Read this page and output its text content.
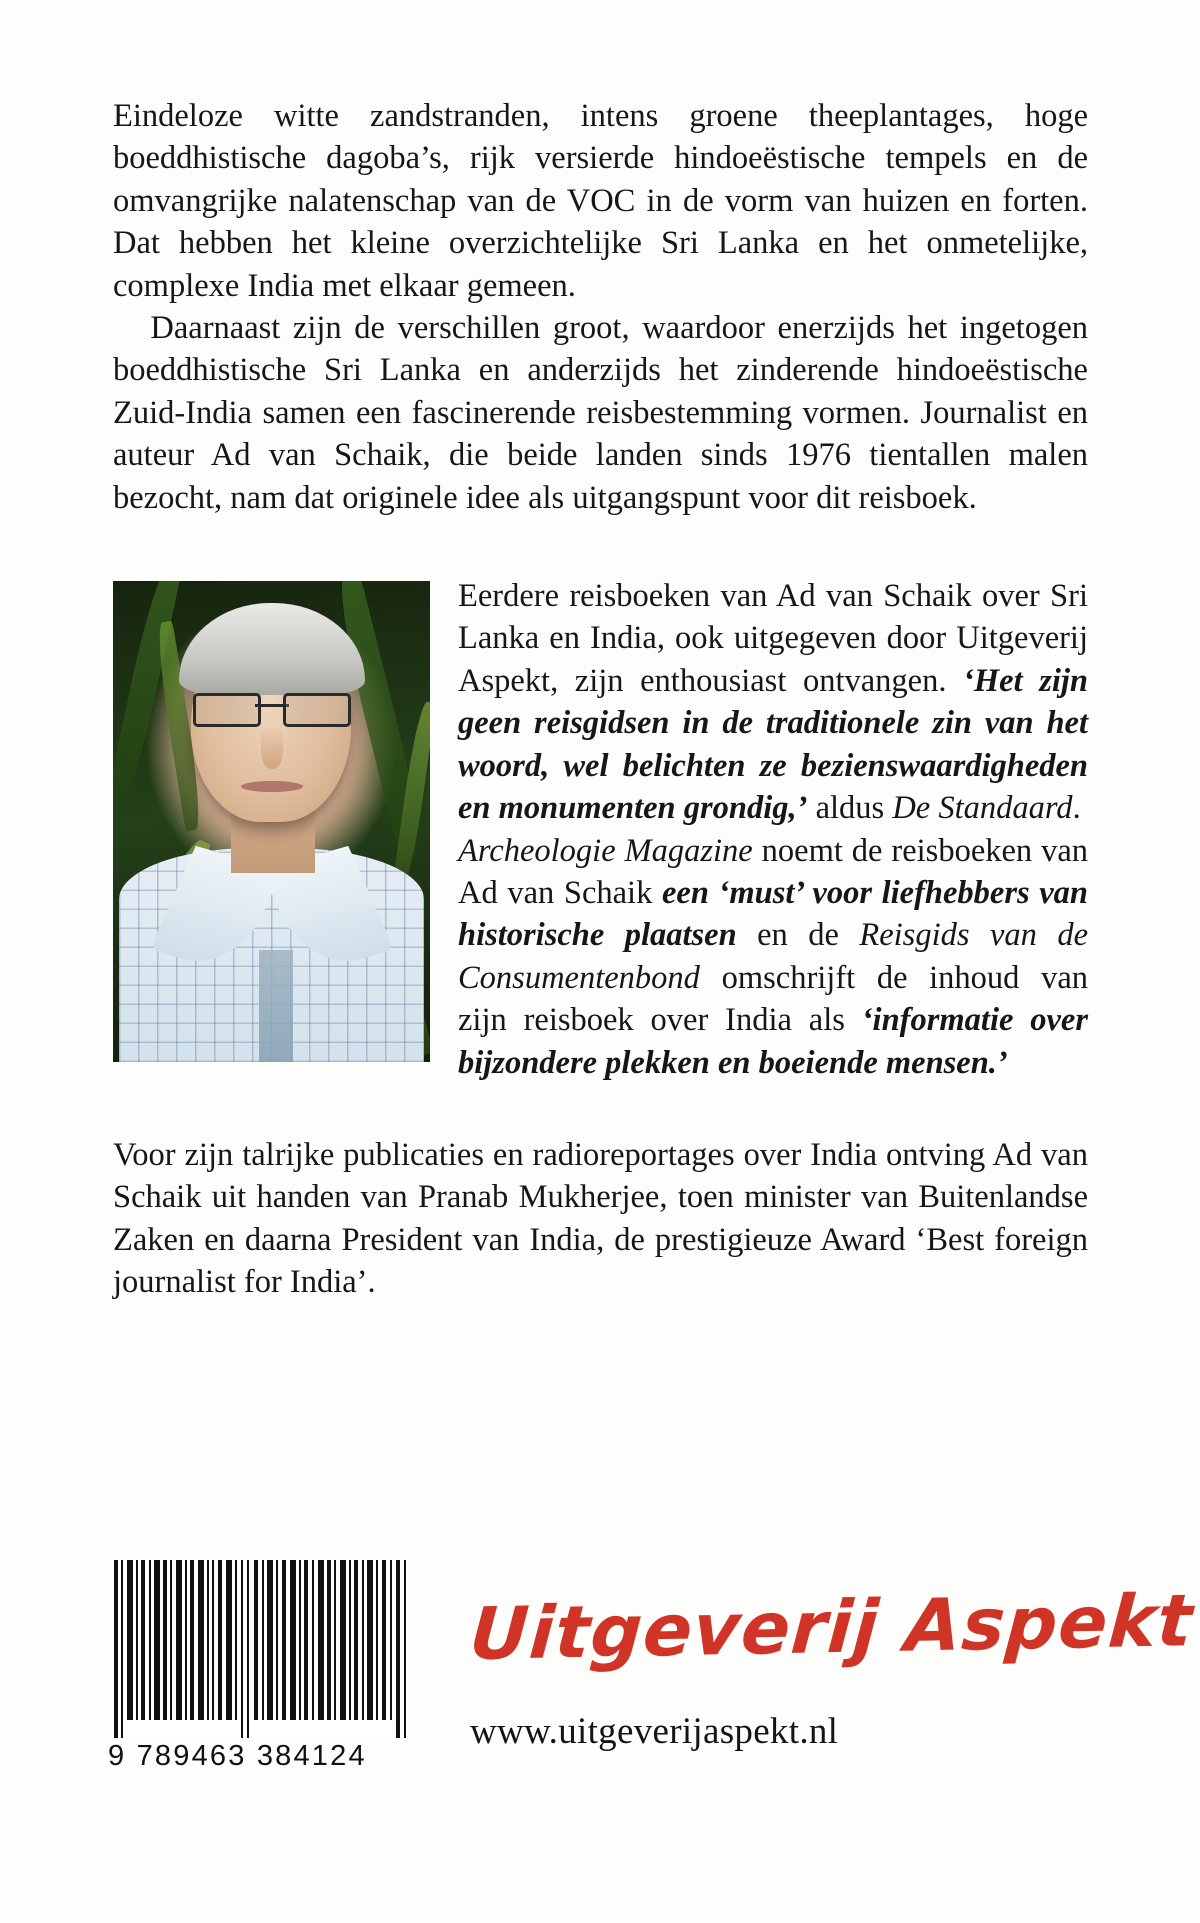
Eindeloze witte zandstranden, intens groene theeplantages, hoge boeddhistische dagoba’s, rijk versierde hindoeëstische tempels en de omvangrijke nalatenschap van de VOC in de vorm van huizen en forten. Dat hebben het kleine overzichtelijke Sri Lanka en het onmetelijke, complexe India met elkaar gemeen.

Daarnaast zijn de verschillen groot, waardoor enerzijds het ingetogen boeddhistische Sri Lanka en anderzijds het zinderende hindoeëstische Zuid-India samen een fascinerende reisbestemming vormen. Journalist en auteur Ad van Schaik, die beide landen sinds 1976 tientallen malen bezocht, nam dat originele idee als uitgangspunt voor dit reisboek.

Eerdere reisboeken van Ad van Schaik over Sri Lanka en India, ook uitgegeven door Uitgeverij Aspekt, zijn enthousiast ontvangen. ‘Het zijn geen reisgidsen in de traditionele zin van het woord, wel belichten ze bezienswaardigheden en monumenten grondig,’ aldus De Standaard.

Archeologie Magazine noemt de reisboeken van Ad van Schaik een ‘must’ voor liefhebbers van historische plaatsen en de Reisgids van de Consumentenbond omschrijft de inhoud van zijn reisboek over India als ‘informatie over bijzondere plekken en boeiende mensen.’

Voor zijn talrijke publicaties en radioreportages over India ontving Ad van Schaik uit handen van Pranab Mukherjee, toen minister van Buitenlandse Zaken en daarna President van India, de prestigieuze Award ‘Best foreign journalist for India’.

9 789463 384124
Uitgeverij Aspekt
www.uitgeverijaspekt.nl
